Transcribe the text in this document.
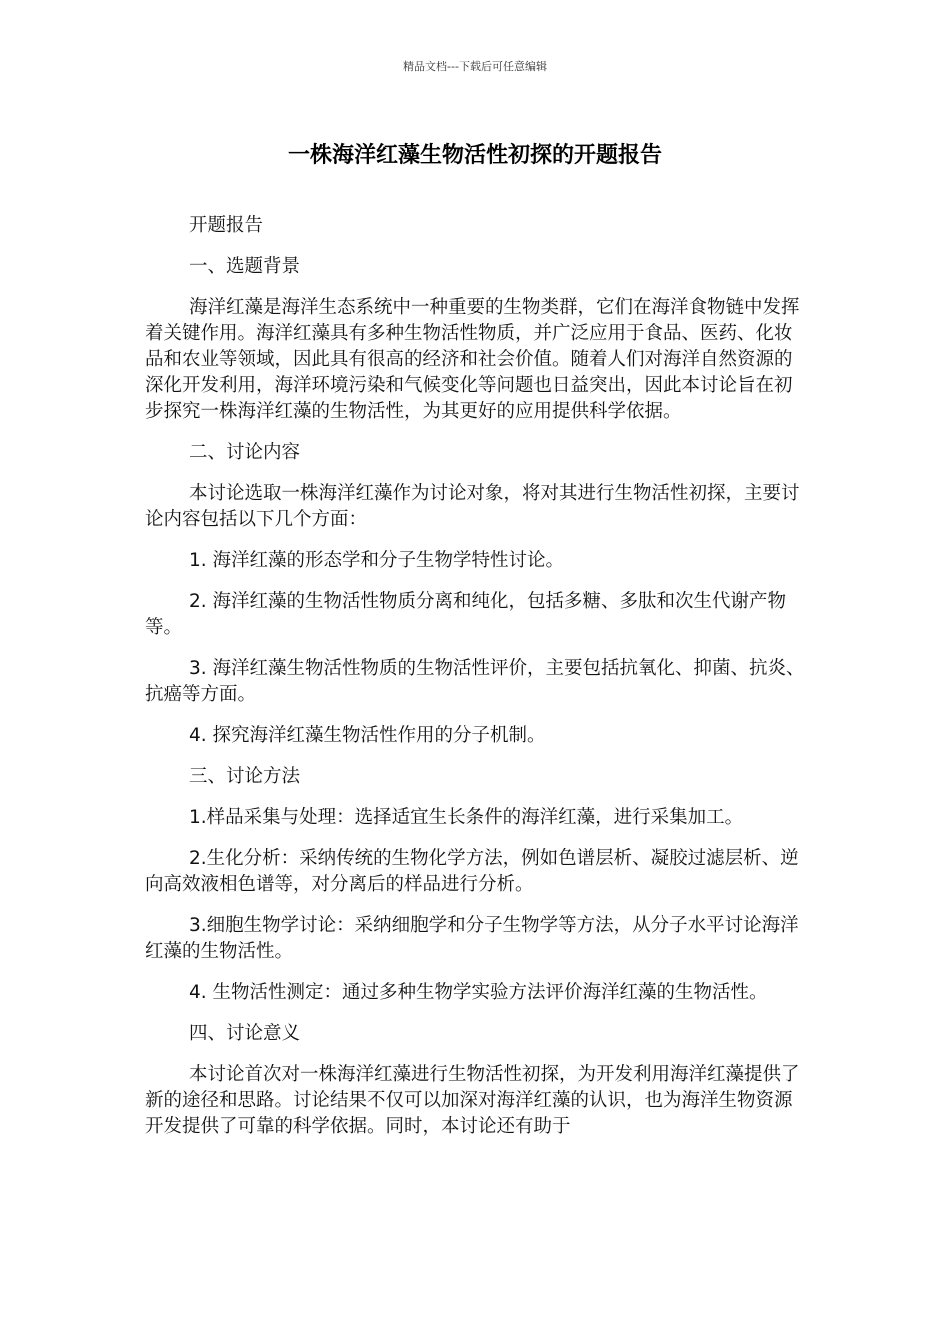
精品文档---下载后可任意编辑
一株海洋红藻生物活性初探的开题报告

开题报告

一、选题背景

海洋红藻是海洋生态系统中一种重要的生物类群，它们在海洋食物链中发挥着关键作用。海洋红藻具有多种生物活性物质，并广泛应用于食品、医药、化妆品和农业等领域，因此具有很高的经济和社会价值。随着人们对海洋自然资源的深化开发利用，海洋环境污染和气候变化等问题也日益突出，因此本讨论旨在初步探究一株海洋红藻的生物活性，为其更好的应用提供科学依据。

二、讨论内容

本讨论选取一株海洋红藻作为讨论对象，将对其进行生物活性初探，主要讨论内容包括以下几个方面：

1. 海洋红藻的形态学和分子生物学特性讨论。

2. 海洋红藻的生物活性物质分离和纯化，包括多糖、多肽和次生代谢产物等。

3. 海洋红藻生物活性物质的生物活性评价，主要包括抗氧化、抑菌、抗炎、抗癌等方面。

4. 探究海洋红藻生物活性作用的分子机制。

三、讨论方法

1.样品采集与处理：选择适宜生长条件的海洋红藻，进行采集加工。

2.生化分析：采纳传统的生物化学方法，例如色谱层析、凝胶过滤层析、逆向高效液相色谱等，对分离后的样品进行分析。

3.细胞生物学讨论：采纳细胞学和分子生物学等方法，从分子水平讨论海洋红藻的生物活性。

4. 生物活性测定：通过多种生物学实验方法评价海洋红藻的生物活性。

四、讨论意义

本讨论首次对一株海洋红藻进行生物活性初探，为开发利用海洋红藻提供了新的途径和思路。讨论结果不仅可以加深对海洋红藻的认识，也为海洋生物资源开发提供了可靠的科学依据。同时，本讨论还有助于
